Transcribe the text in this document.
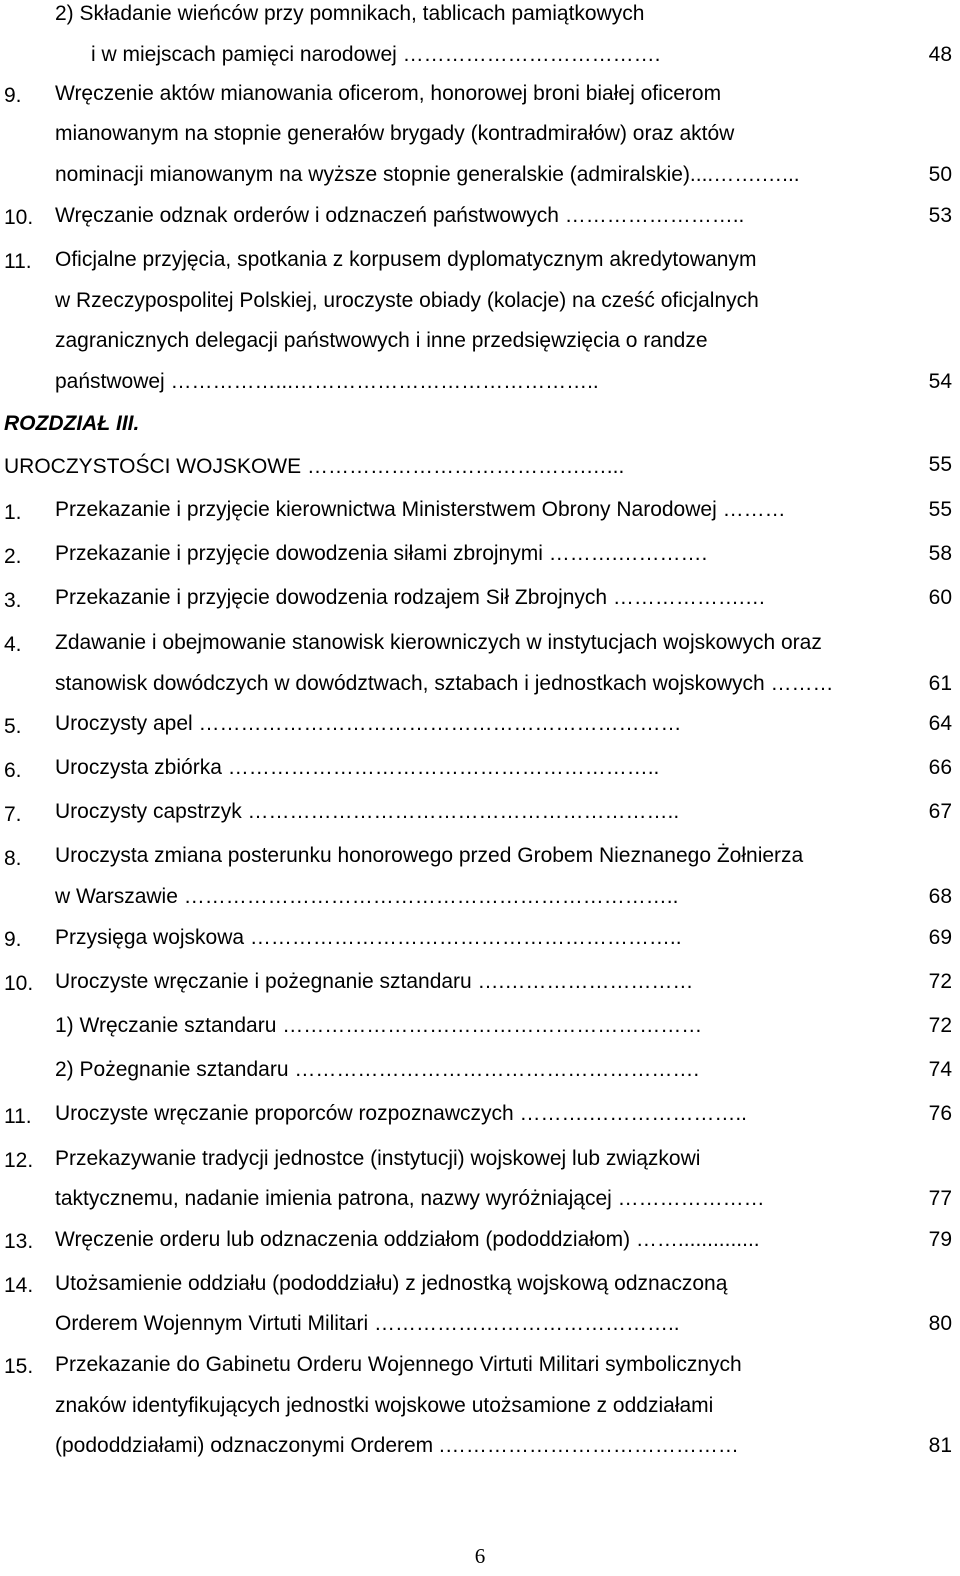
2) Składanie wieńców przy pomnikach, tablicach pamiątkowych
i w miejscach pamięci narodowej ……………………………….	48
9. Wręczenie aktów mianowania oficerom, honorowej broni białej oficerom
mianowanym na stopnie generałów brygady (kontradmirałów) oraz aktów
nominacji mianowanym na wyższe stopnie generalskie (admiralskie)....…….…...	50
10. Wręczanie odznak orderów i odznaczeń państwowych ……………………..	53
11. Oficjalne przyjęcia, spotkania z korpusem dyplomatycznym akredytowanym
w Rzeczypospolitej Polskiej, uroczyste obiady (kolacje) na cześć oficjalnych
zagranicznych delegacji państwowych i inne przedsięwzięcia o randze
państwowej ……………...……………………………………..	54
ROZDZIAŁ III.
UROCZYSTOŚCI WOJSKOWE ………………………………….…...	55
1. Przekazanie i przyjęcie kierownictwa Ministerstwem Obrony Narodowej ………	55
2. Przekazanie i przyjęcie dowodzenia siłami zbrojnymi ……….………….	58
3. Przekazanie i przyjęcie dowodzenia rodzajem Sił Zbrojnych ……………….…	60
4. Zdawanie i obejmowanie stanowisk kierowniczych w instytucjach wojskowych oraz
stanowisk dowódczych w dowództwach, sztabach i jednostkach wojskowych ………	61
5. Uroczysty apel ……………………………………………………………	64
6. Uroczysta zbiórka ……………………………………………………..	66
7. Uroczysty capstrzyk ……………………………………………………..	67
8. Uroczysta zmiana posterunku honorowego przed Grobem Nieznanego Żołnierza
w Warszawie ……………………………………………………………..	68
9. Przysięga wojskowa ……………………………………………………..	69
10. Uroczyste wręczanie i pożegnanie sztandaru ….………………………	72
1) Wręczanie sztandaru ……………………………………………………	72
2) Pożegnanie sztandaru ………………………………………………….	74
11. Uroczyste wręczanie proporców rozpoznawczych ……….…………………..	76
12. Przekazywanie tradycji jednostce (instytucji) wojskowej lub związkowi
taktycznemu, nadanie imienia patrona, nazwy wyróżniającej …………………	77
13. Wręczenie orderu lub odznaczenia oddziałom (pododdziałom) ……..............	79
14. Utożsamienie oddziału (pododdziału) z jednostką wojskową odznaczoną
Orderem Wojennym Virtuti Militari ……………………………………..	80
15. Przekazanie do Gabinetu Orderu Wojennego Virtuti Militari symbolicznych
znaków identyfikujących jednostki wojskowe utożsamione z oddziałami
(pododdziałami) odznaczonymi Orderem .……………………………………	81
6
